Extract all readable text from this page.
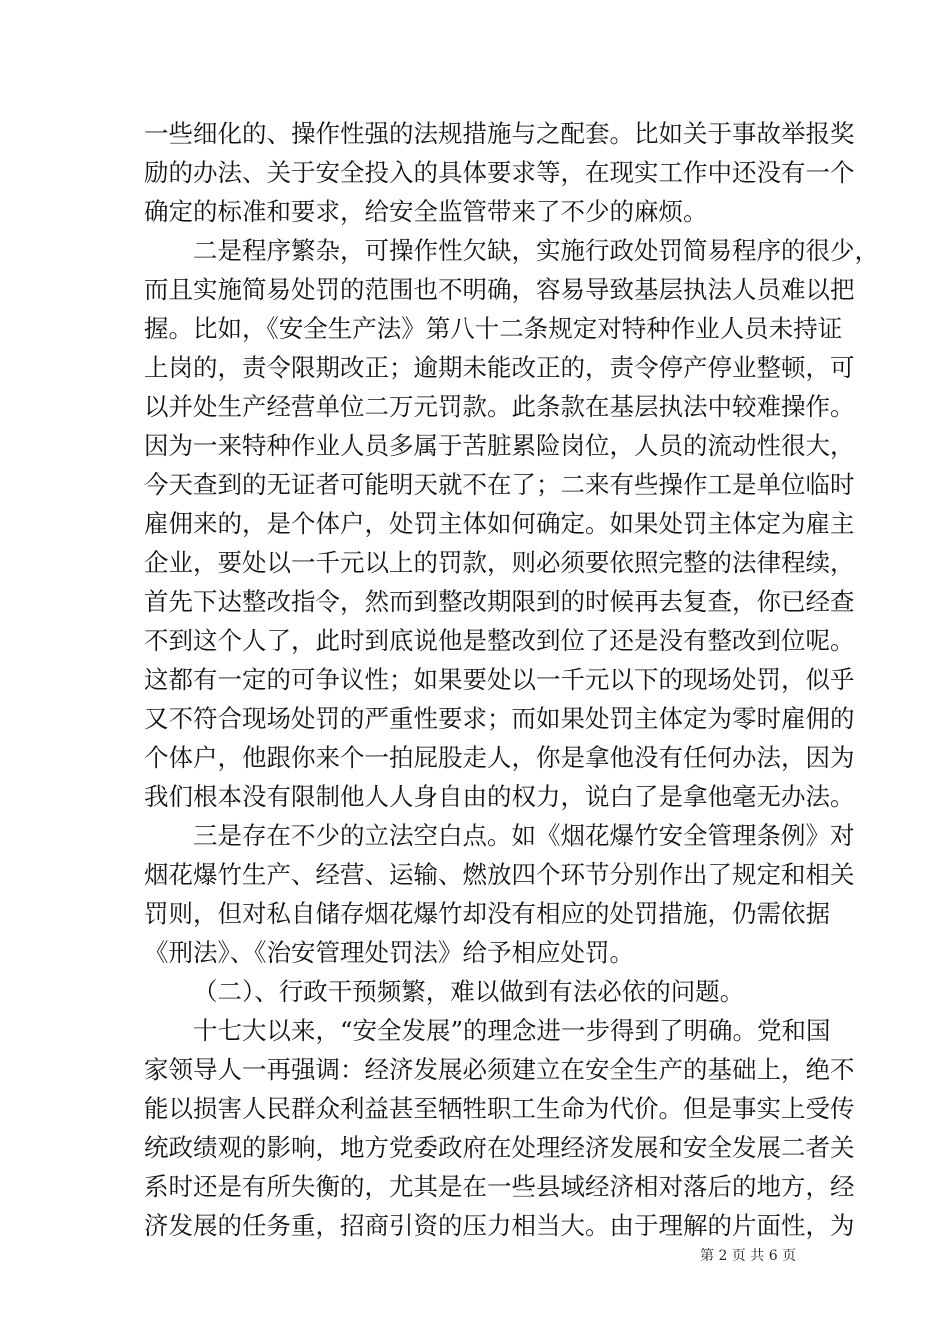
一些细化的、操作性强的法规措施与之配套。比如关于事故举报奖
励的办法、关于安全投入的具体要求等，在现实工作中还没有一个
确定的标准和要求，给安全监管带来了不少的麻烦。
二是程序繁杂，可操作性欠缺，实施行政处罚简易程序的很少，
而且实施简易处罚的范围也不明确，容易导致基层执法人员难以把
握。比如，《安全生产法》第八十二条规定对特种作业人员未持证
上岗的，责令限期改正；逾期未能改正的，责令停产停业整顿，可
以并处生产经营单位二万元罚款。此条款在基层执法中较难操作。
因为一来特种作业人员多属于苦脏累险岗位，人员的流动性很大，
今天查到的无证者可能明天就不在了；二来有些操作工是单位临时
雇佣来的，是个体户，处罚主体如何确定。如果处罚主体定为雇主
企业，要处以一千元以上的罚款，则必须要依照完整的法律程续，
首先下达整改指令，然而到整改期限到的时候再去复查，你已经查
不到这个人了，此时到底说他是整改到位了还是没有整改到位呢。
这都有一定的可争议性；如果要处以一千元以下的现场处罚，似乎
又不符合现场处罚的严重性要求；而如果处罚主体定为零时雇佣的
个体户，他跟你来个一拍屁股走人，你是拿他没有任何办法，因为
我们根本没有限制他人人身自由的权力，说白了是拿他毫无办法。
三是存在不少的立法空白点。如《烟花爆竹安全管理条例》对
烟花爆竹生产、经营、运输、燃放四个环节分别作出了规定和相关
罚则，但对私自储存烟花爆竹却没有相应的处罚措施，仍需依据
《刑法》、《治安管理处罚法》给予相应处罚。
（二）、行政干预频繁，难以做到有法必依的问题。
十七大以来，“安全发展”的理念进一步得到了明确。党和国
家领导人一再强调：经济发展必须建立在安全生产的基础上，绝不
能以损害人民群众利益甚至牺牲职工生命为代价。但是事实上受传
统政绩观的影响，地方党委政府在处理经济发展和安全发展二者关
系时还是有所失衡的，尤其是在一些县域经济相对落后的地方，经
济发展的任务重，招商引资的压力相当大。由于理解的片面性，为
第 2 页 共 6 页
